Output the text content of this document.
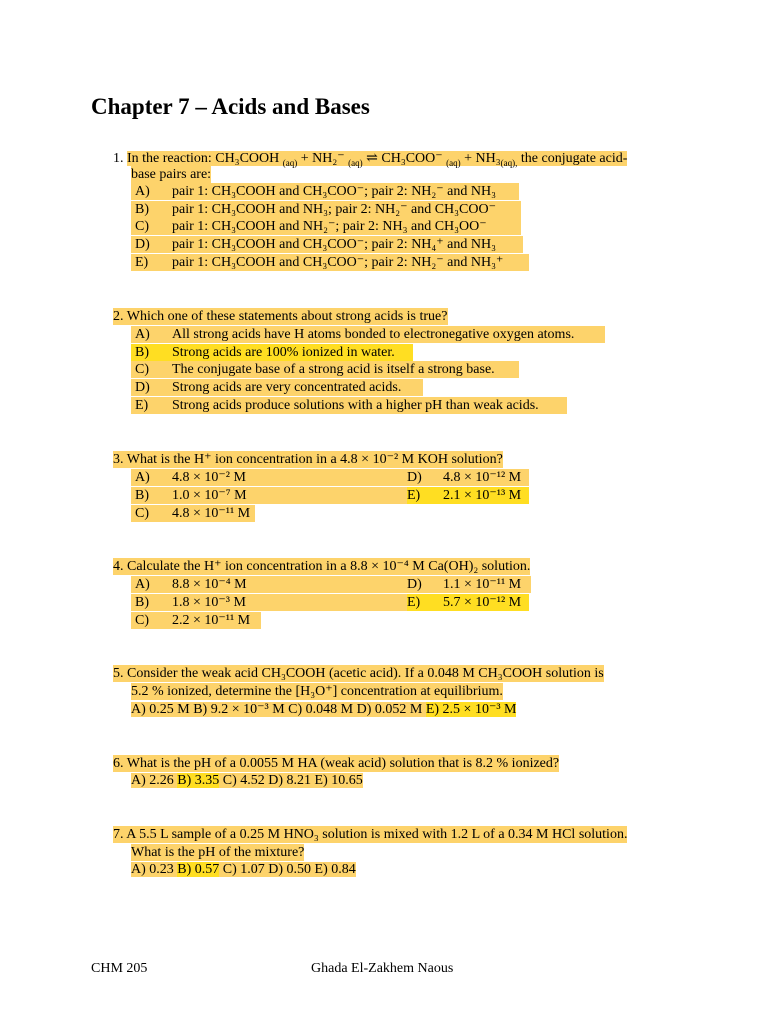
Chapter 7 – Acids and Bases
1. In the reaction: CH₃COOH $_{(aq)}$ + NH₂⁻ $_{(aq)}$ ⇌ CH₃COO⁻ $_{(aq)} + NH_3_{(aq),}$ the conjugate acid-
base pairs are:
A) pair 1: CH₃COOH and CH₃COO⁻; pair 2: NH₂⁻ and NH₃
B) pair 1: CH₃COOH and NH₃; pair 2: NH₂⁻ and CH₃COO⁻
C) pair 1: CH₃COOH and NH₂⁻; pair 2: NH₃ and CH₃OO⁻
D) pair 1: CH₃COOH and CH₃COO⁻; pair 2: NH₄⁺ and NH₃
E) pair 1: CH₃COOH and CH₃COO⁻; pair 2: NH₂⁻ and NH₃⁺
2. Which one of these statements about strong acids is true?
A) All strong acids have H atoms bonded to electronegative oxygen atoms.
B) Strong acids are 100% ionized in water.
C) The conjugate base of a strong acid is itself a strong base.
D) Strong acids are very concentrated acids.
E) Strong acids produce solutions with a higher pH than weak acids.
3. What is the H⁺ ion concentration in a 4.8 × 10⁻² M KOH solution?
A) 4.8 × 10⁻² M	D) 4.8 × 10⁻¹² M
B) 1.0 × 10⁻⁷ M	E) 2.1 × 10⁻¹³ M
C) 4.8 × 10⁻¹¹ M
4. Calculate the H⁺ ion concentration in a 8.8 × 10⁻⁴ M Ca(OH)₂ solution.
A) 8.8 × 10⁻⁴ M	D) 1.1 × 10⁻¹¹ M
B) 1.8 × 10⁻³ M	E) 5.7 × 10⁻¹² M
C) 2.2 × 10⁻¹¹ M
5. Consider the weak acid CH₃COOH (acetic acid). If a 0.048 M CH₃COOH solution is
5.2 % ionized, determine the [H₃O⁺] concentration at equilibrium.
A) 0.25 M B) 9.2 × 10⁻³ M C) 0.048 M D) 0.052 M E) 2.5 × 10⁻³ M
6. What is the pH of a 0.0055 M HA (weak acid) solution that is 8.2 % ionized?
A) 2.26 B) 3.35 C) 4.52 D) 8.21 E) 10.65
7. A 5.5 L sample of a 0.25 M HNO₃ solution is mixed with 1.2 L of a 0.34 M HCl solution.
What is the pH of the mixture?
A) 0.23 B) 0.57 C) 1.07 D) 0.50 E) 0.84
CHM 205	Ghada El-Zakhem Naous
